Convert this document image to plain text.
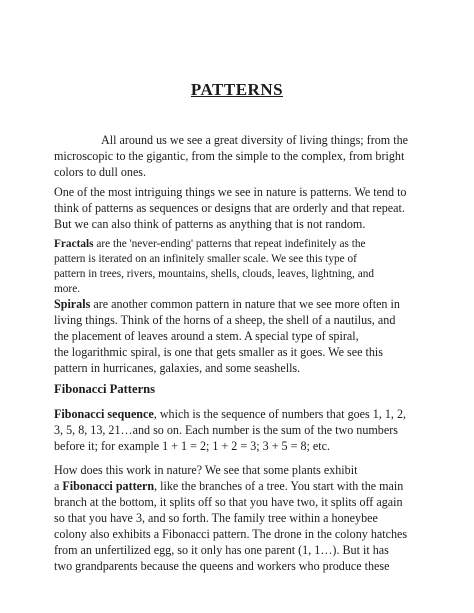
PATTERNS
All around us we see a great diversity of living things; from the
microscopic to the gigantic, from the simple to the complex, from bright
colors to dull ones.
One of the most intriguing things we see in nature is patterns. We tend to
think of patterns as sequences or designs that are orderly and that repeat.
But we can also think of patterns as anything that is not random.
Fractals are the 'never-ending' patterns that repeat indefinitely as the
pattern is iterated on an infinitely smaller scale. We see this type of
pattern in trees, rivers, mountains, shells, clouds, leaves, lightning, and
more.
Spirals are another common pattern in nature that we see more often in
living things. Think of the horns of a sheep, the shell of a nautilus, and
the placement of leaves around a stem. A special type of spiral,
the logarithmic spiral, is one that gets smaller as it goes. We see this
pattern in hurricanes, galaxies, and some seashells.
Fibonacci Patterns
Fibonacci sequence, which is the sequence of numbers that goes 1, 1, 2,
3, 5, 8, 13, 21…and so on. Each number is the sum of the two numbers
before it; for example 1 + 1 = 2; 1 + 2 = 3; 3 + 5 = 8; etc.
How does this work in nature? We see that some plants exhibit
a Fibonacci pattern, like the branches of a tree. You start with the main
branch at the bottom, it splits off so that you have two, it splits off again
so that you have 3, and so forth. The family tree within a honeybee
colony also exhibits a Fibonacci pattern. The drone in the colony hatches
from an unfertilized egg, so it only has one parent (1, 1…). But it has
two grandparents because the queens and workers who produce these
